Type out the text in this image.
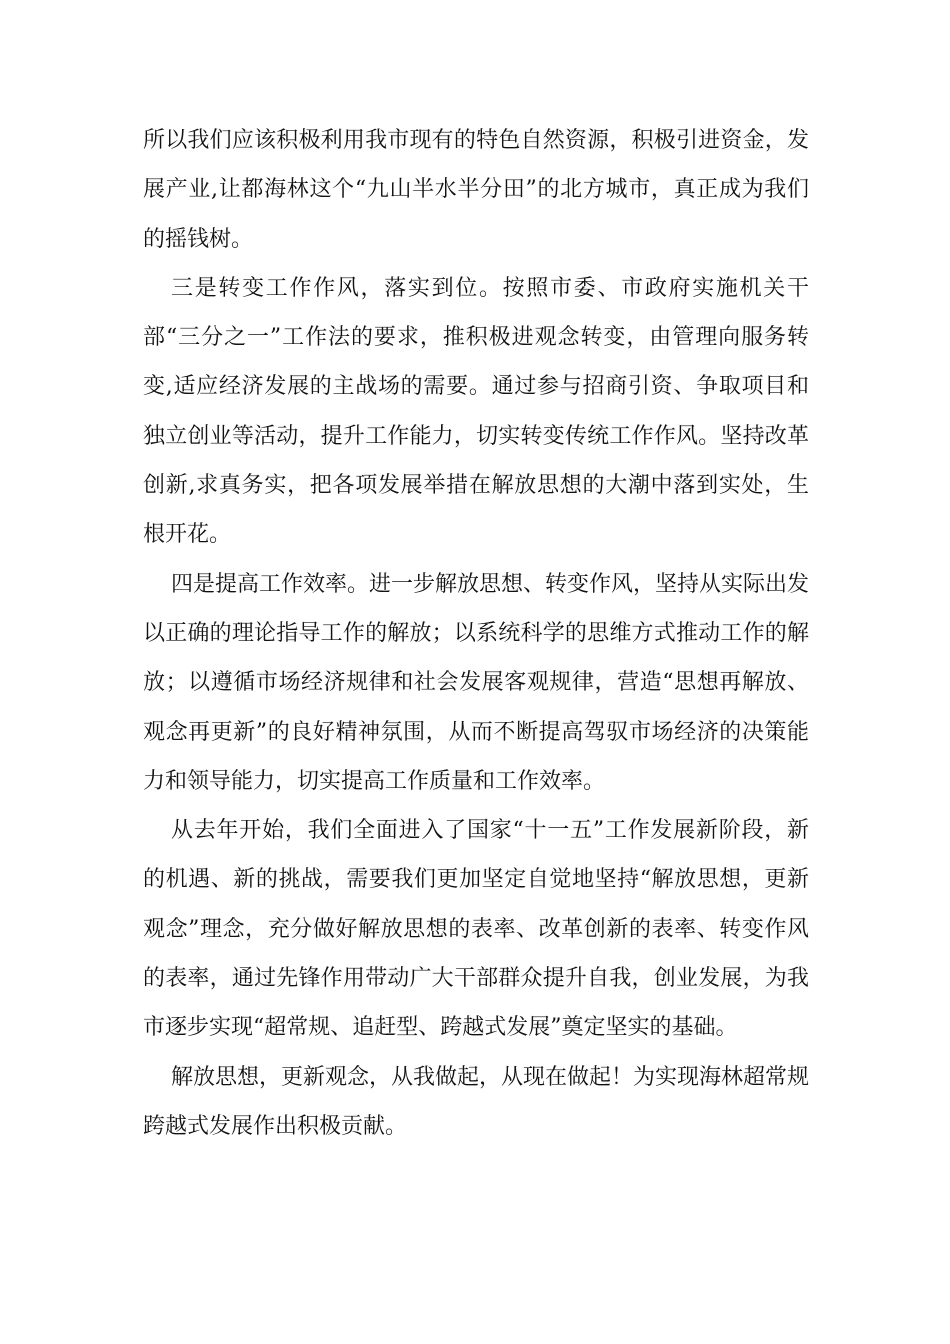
所以我们应该积极利用我市现有的特色自然资源，积极引进资金，发展产业,让都海林这个“九山半水半分田”的北方城市，真正成为我们的摇钱树。

三是转变工作作风，落实到位。按照市委、市政府实施机关干部“三分之一”工作法的要求，推积极进观念转变，由管理向服务转变,适应经济发展的主战场的需要。通过参与招商引资、争取项目和独立创业等活动，提升工作能力，切实转变传统工作作风。坚持改革创新,求真务实，把各项发展举措在解放思想的大潮中落到实处，生根开花。

四是提高工作效率。进一步解放思想、转变作风，坚持从实际出发以正确的理论指导工作的解放；以系统科学的思维方式推动工作的解放；以遵循市场经济规律和社会发展客观规律，营造“思想再解放、观念再更新”的良好精神氛围，从而不断提高驾驭市场经济的决策能力和领导能力，切实提高工作质量和工作效率。

从去年开始，我们全面进入了国家“十一五”工作发展新阶段，新的机遇、新的挑战，需要我们更加坚定自觉地坚持“解放思想，更新观念”理念，充分做好解放思想的表率、改革创新的表率、转变作风的表率，通过先锋作用带动广大干部群众提升自我，创业发展，为我市逐步实现“超常规、追赶型、跨越式发展”奠定坚实的基础。

解放思想，更新观念，从我做起，从现在做起！为实现海林超常规跨越式发展作出积极贡献。
